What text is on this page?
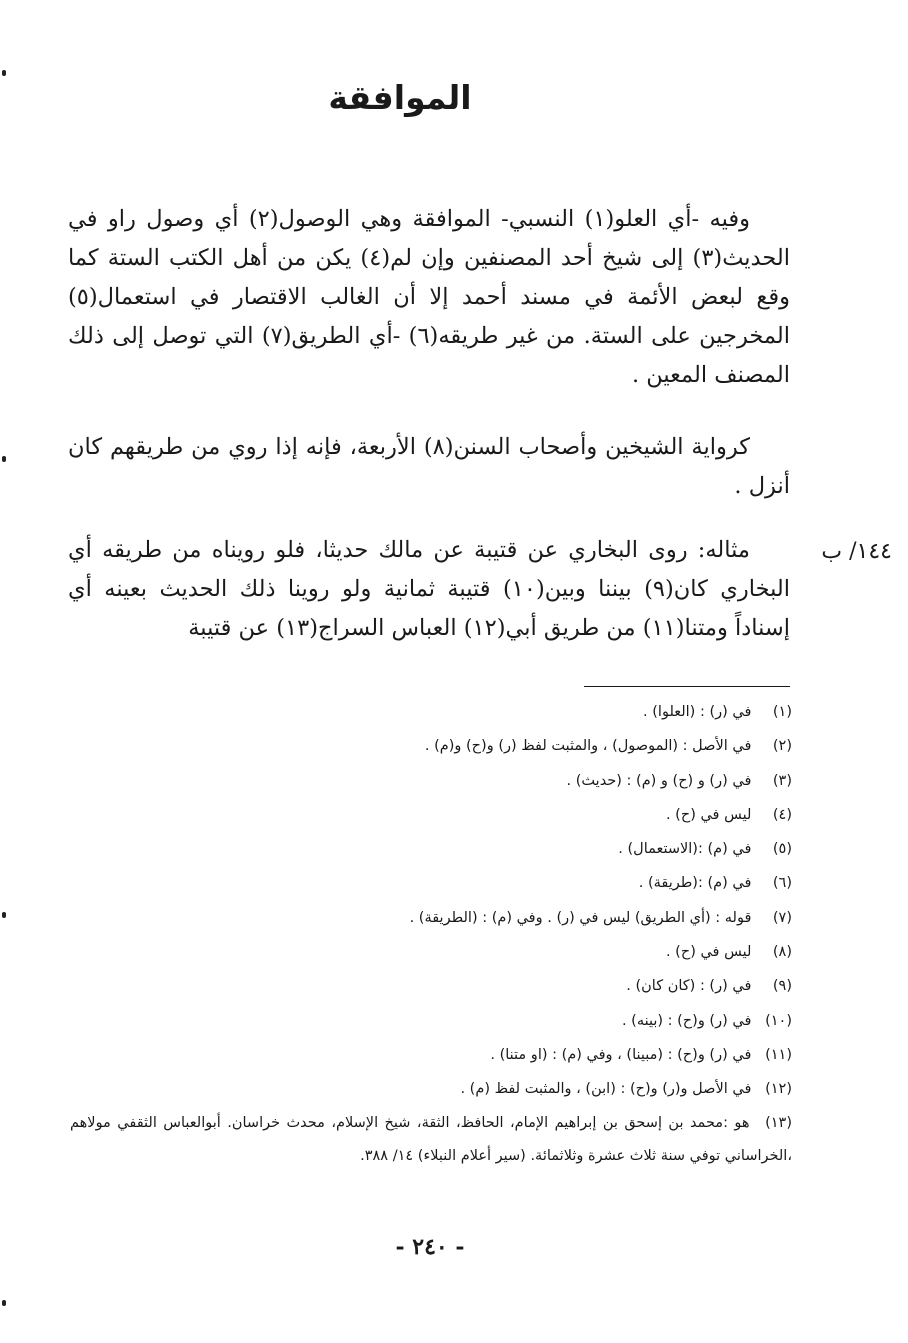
الموافقة

وفيه -أي العلو(١) النسبي- الموافقة وهي الوصول(٢) أي وصول راو في الحديث(٣) إلى شيخ أحد المصنفين وإن لم(٤) يكن من أهل الكتب الستة كما وقع لبعض الأئمة في مسند أحمد إلا أن الغالب الاقتصار في استعمال(٥) المخرجين على الستة. من غير طريقه(٦) -أي الطريق(٧) التي توصل إلى ذلك المصنف المعين .

كرواية الشيخين وأصحاب السنن(٨) الأربعة، فإنه إذا روي من طريقهم كان أنزل .

مثاله: روى البخاري عن قتيبة عن مالك حديثا، فلو رويناه من طريقه أي البخاري كان(٩) بيننا وبين(١٠) قتيبة ثمانية ولو روينا ذلك الحديث بعينه أي إسناداً ومتنا(١١) من طريق أبي(١٢) العباس السراج(١٣) عن قتيبة

١٤٤/ ب
(١) في (ر) : (العلوا) .
(٢) في الأصل : (الموصول) ، والمثبت لفظ (ر) و(ح) و(م) .
(٣) في (ر) و (ح) و (م) : (حديث) .
(٤) ليس في (ح) .
(٥) في (م) :(الاستعمال) .
(٦) في (م) :(طريقة) .
(٧) قوله : (أي الطريق) ليس في (ر) . وفي (م) : (الطريقة) .
(٨) ليس في (ح) .
(٩) في (ر) : (كان كان) .
(١٠) في (ر) و(ح) : (بينه) .
(١١) في (ر) و(ح) : (مبينا) ، وفي (م) : (او متنا) .
(١٢) في الأصل و(ر) و(ح) : (ابن) ، والمثبت لفظ (م) .
(١٣) هو :محمد بن إسحق بن إبراهيم الإمام، الحافظ، الثقة، شيخ الإسلام، محدث خراسان. أبوالعباس الثقفي مولاهم ،الخراساني توفي سنة ثلاث عشرة وثلاثمائة. (سير أعلام النبلاء) ١٤/ ٣٨٨.
- ٢٤٠ -
